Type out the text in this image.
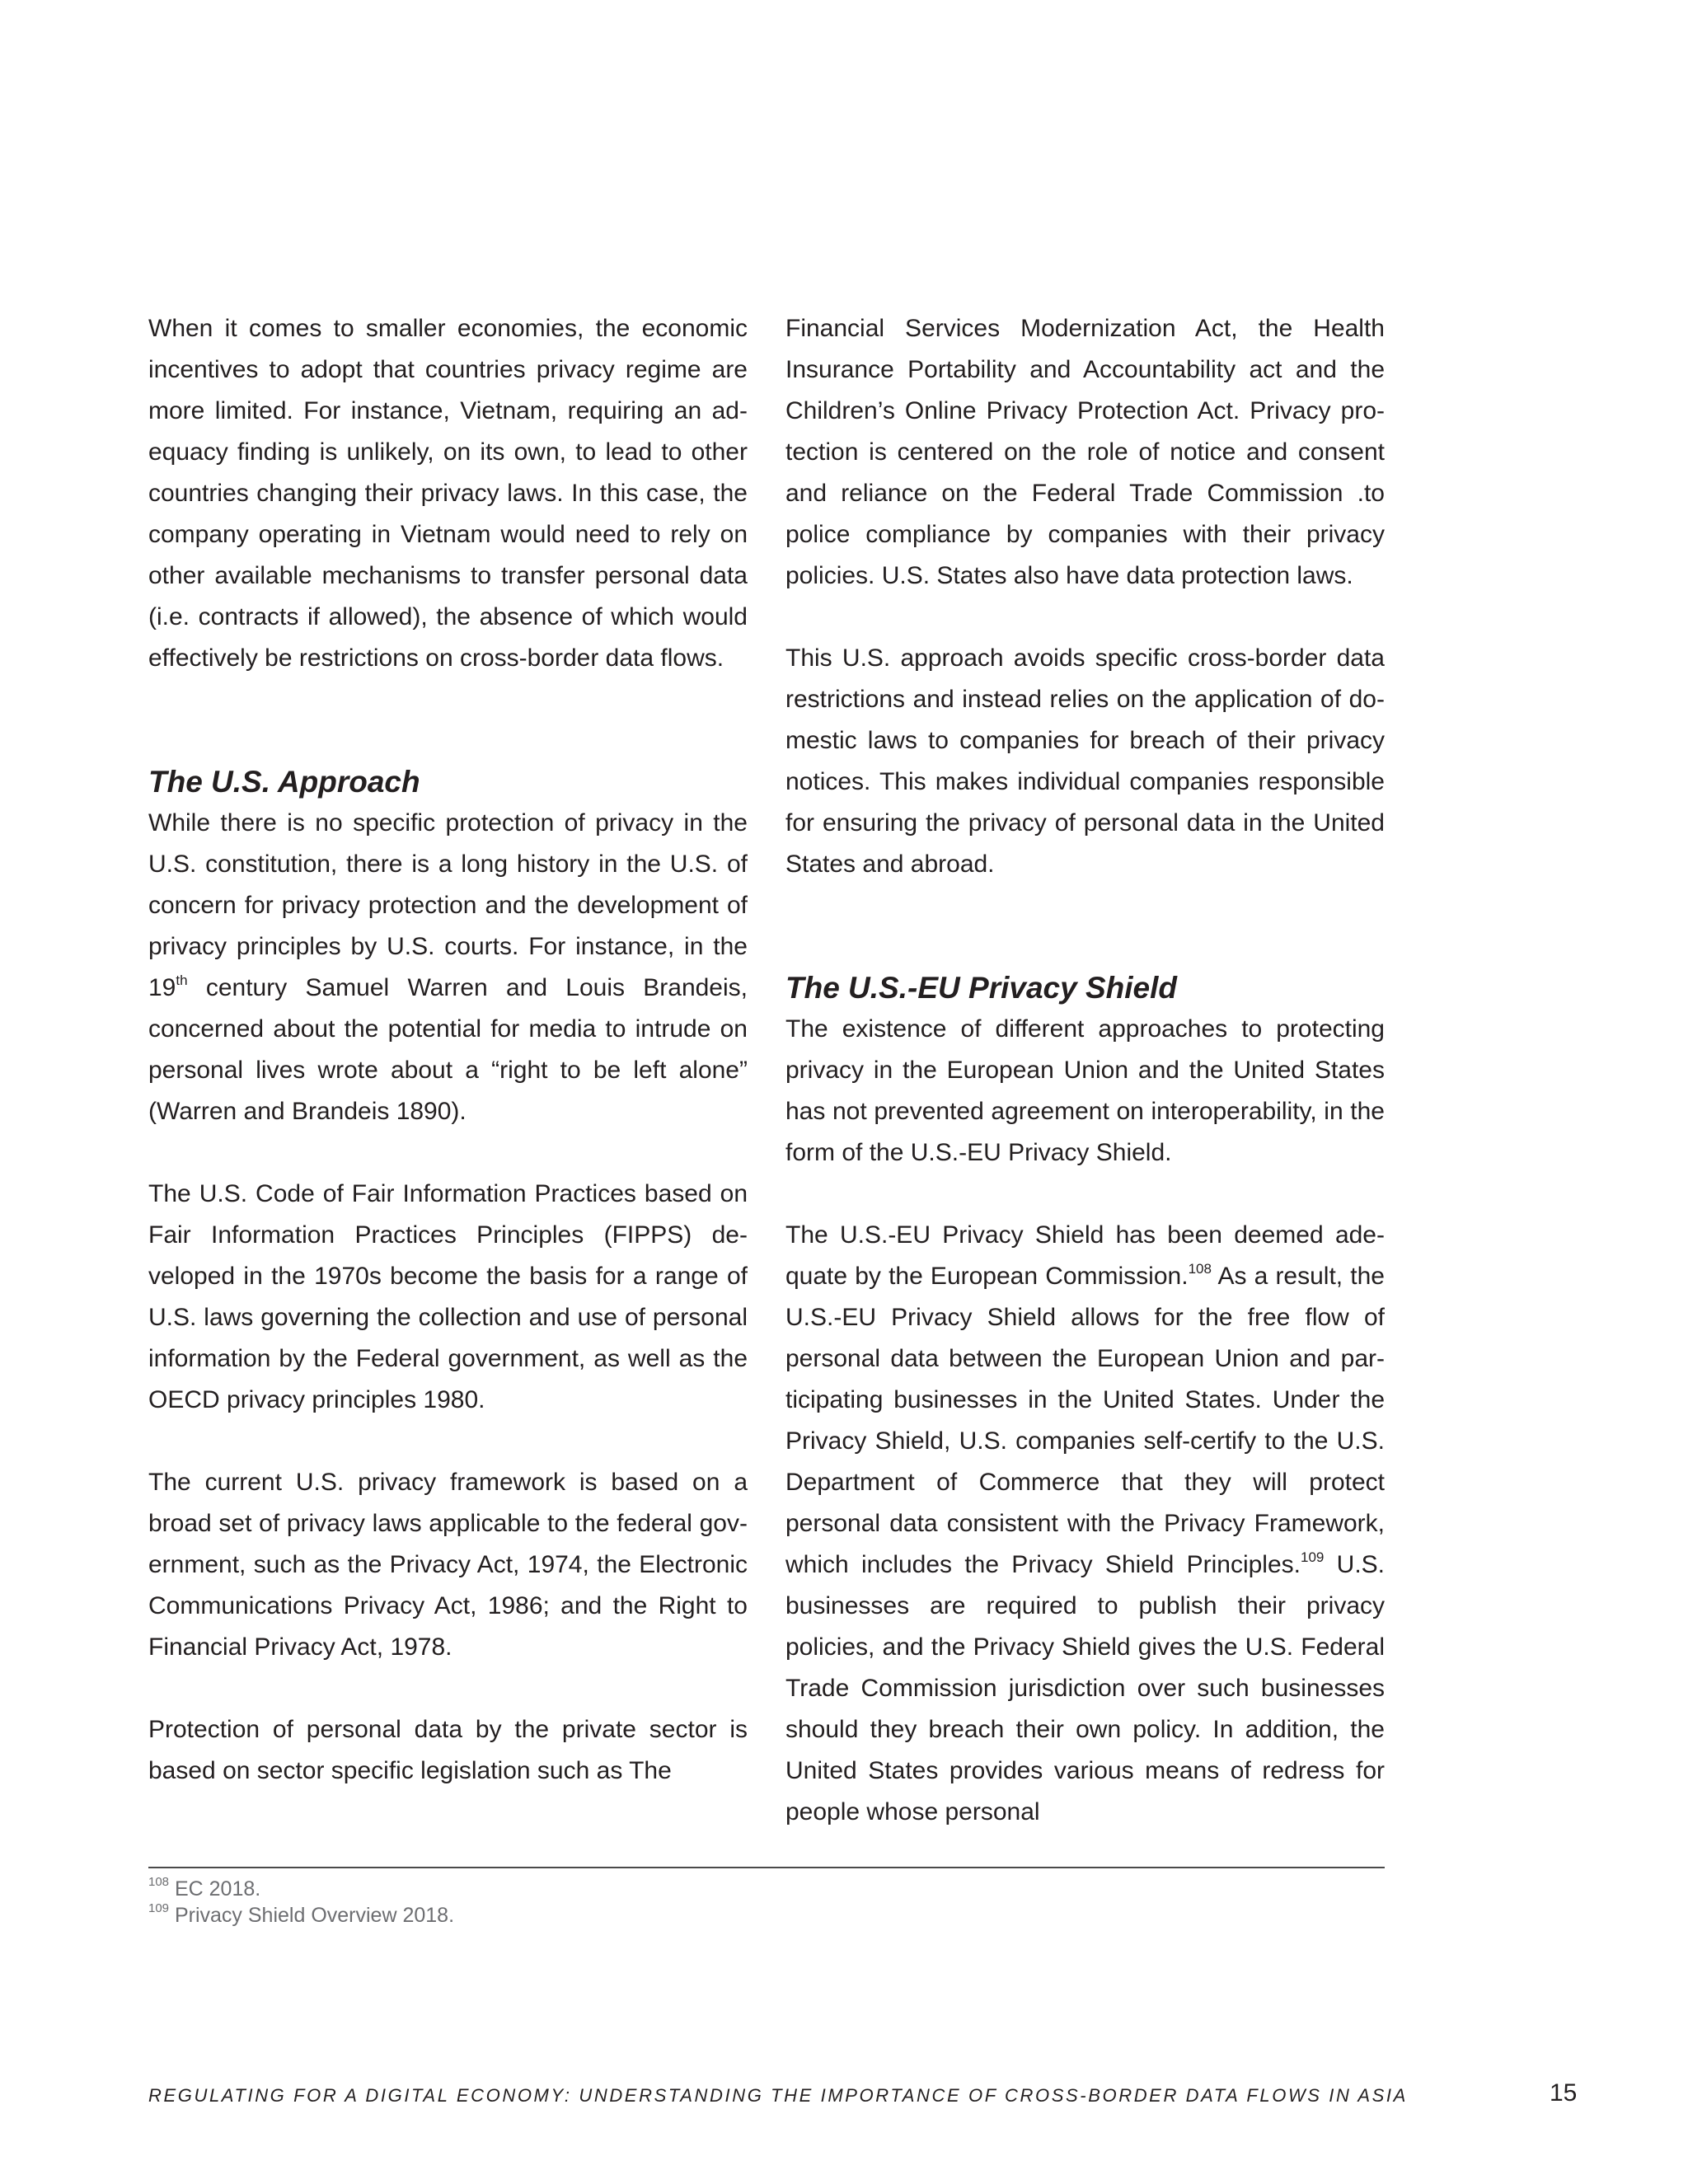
When it comes to smaller economies, the economic incentives to adopt that countries privacy regime are more limited. For instance, Vietnam, requiring an adequacy finding is unlikely, on its own, to lead to other countries changing their privacy laws. In this case, the company operating in Vietnam would need to rely on other available mechanisms to transfer personal data (i.e. contracts if allowed), the absence of which would effectively be restrictions on cross-border data flows.

The U.S. Approach

While there is no specific protection of privacy in the U.S. constitution, there is a long history in the U.S. of concern for privacy protection and the development of privacy principles by U.S. courts. For instance, in the 19th century Samuel Warren and Louis Brandeis, concerned about the potential for media to intrude on personal lives wrote about a “right to be left alone” (Warren and Brandeis 1890).

The U.S. Code of Fair Information Practices based on Fair Information Practices Principles (FIPPS) developed in the 1970s become the basis for a range of U.S. laws governing the collection and use of personal information by the Federal government, as well as the OECD privacy principles 1980.

The current U.S. privacy framework is based on a broad set of privacy laws applicable to the federal government, such as the Privacy Act, 1974, the Electronic Communications Privacy Act, 1986; and the Right to Financial Privacy Act, 1978.

Protection of personal data by the private sector is based on sector specific legislation such as The

Financial Services Modernization Act, the Health Insurance Portability and Accountability act and the Children’s Online Privacy Protection Act. Privacy protection is centered on the role of notice and consent and reliance on the Federal Trade Commission .to police compliance by companies with their privacy policies. U.S. States also have data protection laws.

This U.S. approach avoids specific cross-border data restrictions and instead relies on the application of domestic laws to companies for breach of their privacy notices. This makes individual companies responsible for ensuring the privacy of personal data in the United States and abroad.

The U.S.-EU Privacy Shield

The existence of different approaches to protecting privacy in the European Union and the United States has not prevented agreement on interoperability, in the form of the U.S.-EU Privacy Shield.

The U.S.-EU Privacy Shield has been deemed adequate by the European Commission.$^{108}$ As a result, the U.S.-EU Privacy Shield allows for the free flow of personal data between the European Union and participating businesses in the United States. Under the Privacy Shield, U.S. companies self-certify to the U.S. Department of Commerce that they will protect personal data consistent with the Privacy Framework, which includes the Privacy Shield Principles.$^{109}$ U.S. businesses are required to publish their privacy policies, and the Privacy Shield gives the U.S. Federal Trade Commission jurisdiction over such businesses should they breach their own policy. In addition, the United States provides various means of redress for people whose personal

$^{108}$ EC 2018.
$^{109}$ Privacy Shield Overview 2018.
REGULATING FOR A DIGITAL ECONOMY: UNDERSTANDING THE IMPORTANCE OF CROSS-BORDER DATA FLOWS IN ASIA	15
